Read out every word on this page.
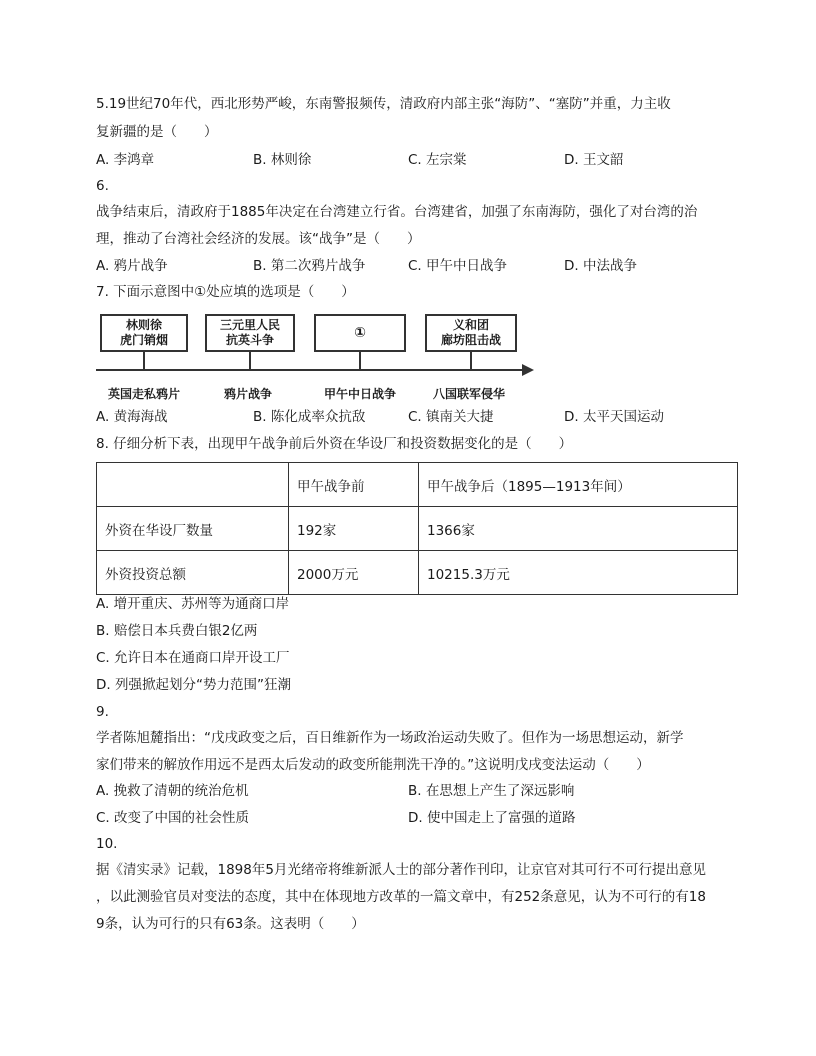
5.19世纪70年代，西北形势严峻，东南警报频传，清政府内部主张“海防”、“塞防”并重，力主收
复新疆的是（　　）
A. 李鸿章	B. 林则徐	C. 左宗棠	D. 王文韶
6.
战争结束后，清政府于1885年决定在台湾建立行省。台湾建省，加强了东南海防，强化了对台湾的治
理，推动了台湾社会经济的发展。该“战争”是（　　）
A. 鸦片战争	B. 第二次鸦片战争	C. 甲午中日战争	D. 中法战争
7. 下面示意图中①处应填的选项是（　　）
林则徐
虎门销烟
三元里人民
抗英斗争	①	义和团
廊坊阻击战
英国走私鸦片	鸦片战争	甲午中日战争	八国联军侵华
A. 黄海海战	B. 陈化成率众抗敌	C. 镇南关大捷	D. 太平天国运动
8. 仔细分析下表，出现甲午战争前后外资在华设厂和投资数据变化的是（　　）
	甲午战争前	甲午战争后（1895—1913年间）
外资在华设厂数量	192家	1366家
外资投资总额	2000万元	10215.3万元
A. 增开重庆、苏州等为通商口岸
B. 赔偿日本兵费白银2亿两
C. 允许日本在通商口岸开设工厂
D. 列强掀起划分“势力范围”狂潮
9.
学者陈旭麓指出：“戊戌政变之后，百日维新作为一场政治运动失败了。但作为一场思想运动，新学
家们带来的解放作用远不是西太后发动的政变所能荆洗干净的。”这说明戊戌变法运动（　　）
A. 挽救了清朝的统治危机	B. 在思想上产生了深远影响
C. 改变了中国的社会性质	D. 使中国走上了富强的道路
10.
据《清实录》记载，1898年5月光绪帝将维新派人士的部分著作刊印，让京官对其可行不可行提出意见
，以此测验官员对变法的态度，其中在体现地方改革的一篇文章中，有252条意见，认为不可行的有18
9条，认为可行的只有63条。这表明（　　）
